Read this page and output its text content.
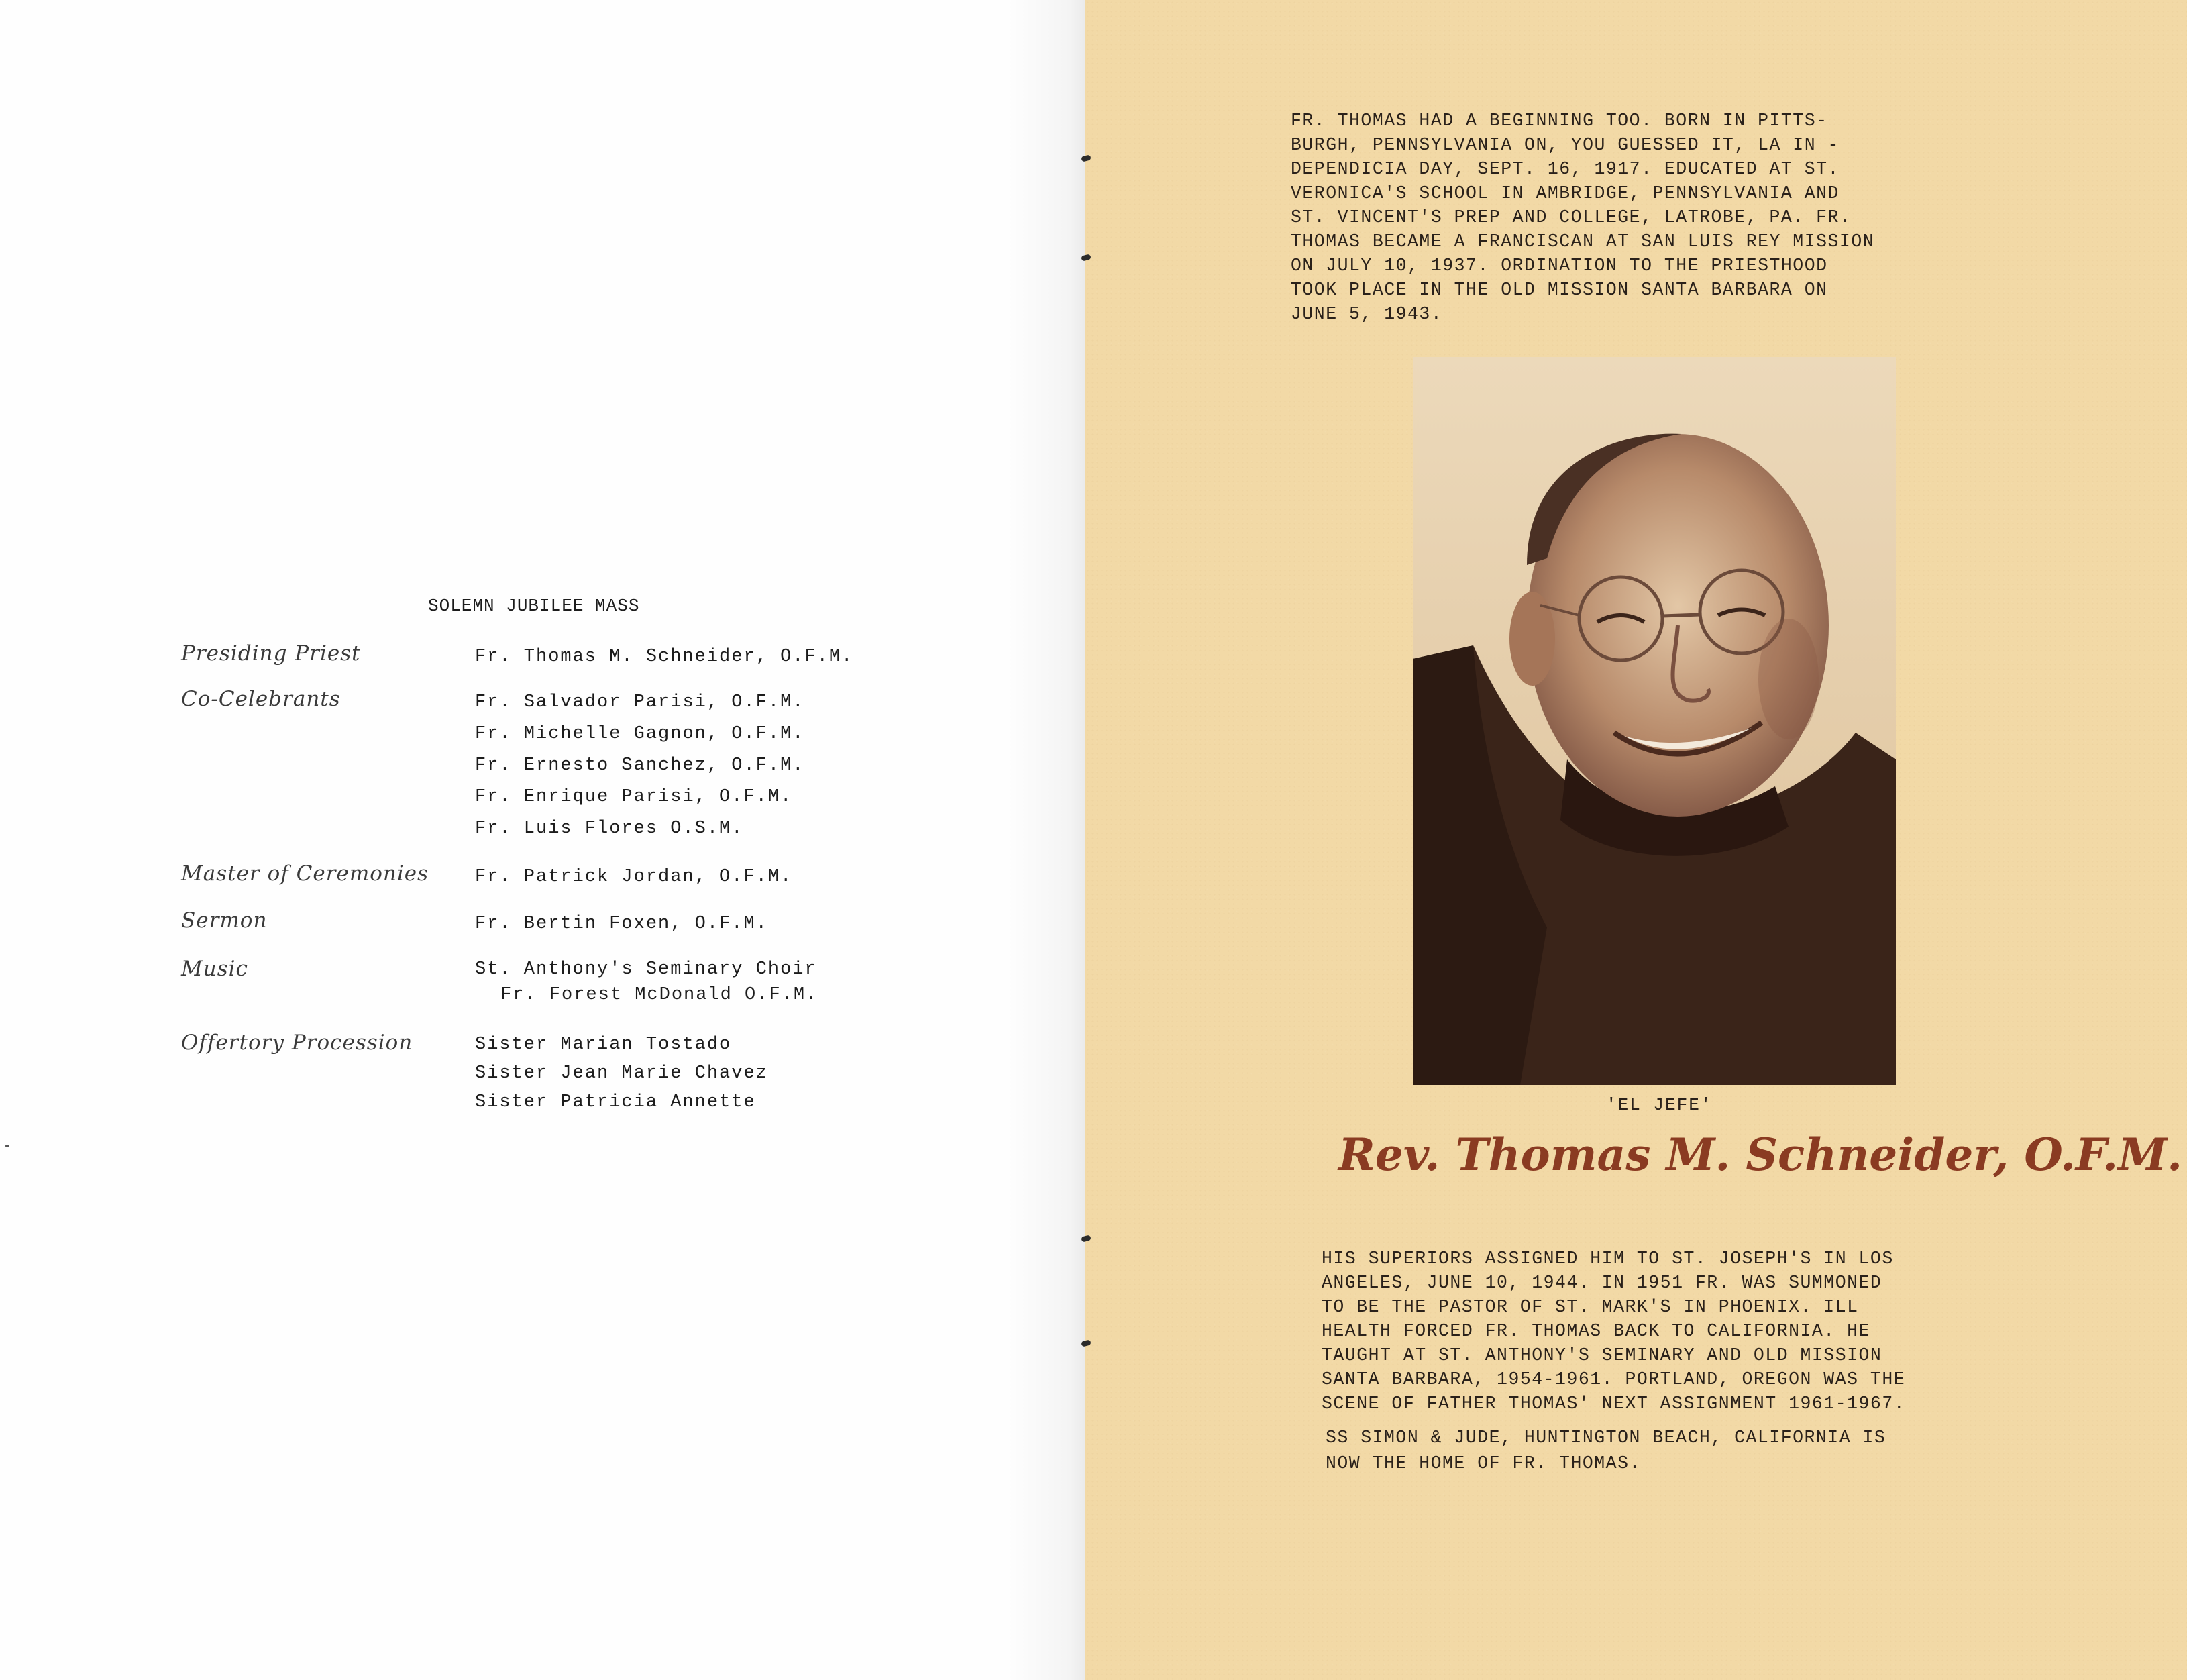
SOLEMN JUBILEE MASS
Presiding Priest	Fr. Thomas M. Schneider, O.F.M.
Co-Celebrants	Fr. Salvador Parisi, O.F.M.
Fr. Michelle Gagnon, O.F.M.
Fr. Ernesto Sanchez, O.F.M.
Fr. Enrique Parisi, O.F.M.
Fr. Luis Flores O.S.M.
Master of Ceremonies	Fr. Patrick Jordan, O.F.M.
Sermon	Fr. Bertin Foxen, O.F.M.
Music	St. Anthony's Seminary Choir
Fr. Forest McDonald O.F.M.
Offertory Procession	Sister Marian Tostado
Sister Jean Marie Chavez
Sister Patricia Annette
FR. THOMAS HAD A BEGINNING TOO. BORN IN PITTS-
BURGH, PENNSYLVANIA ON, YOU GUESSED IT, LA IN -
DEPENDICIA DAY, SEPT. 16, 1917. EDUCATED AT ST.
VERONICA'S SCHOOL IN AMBRIDGE, PENNSYLVANIA AND
ST. VINCENT'S PREP AND COLLEGE, LATROBE, PA. FR.
THOMAS BECAME A FRANCISCAN AT SAN LUIS REY MISSION
ON JULY 10, 1937. ORDINATION TO THE PRIESTHOOD
TOOK PLACE IN THE OLD MISSION SANTA BARBARA ON
JUNE 5, 1943.
'EL JEFE'
Rev. Thomas M. Schneider, O.F.M.
HIS SUPERIORS ASSIGNED HIM TO ST. JOSEPH'S IN LOS
ANGELES, JUNE 10, 1944. IN 1951 FR. WAS SUMMONED
TO BE THE PASTOR OF ST. MARK'S IN PHOENIX. ILL
HEALTH FORCED FR. THOMAS BACK TO CALIFORNIA. HE
TAUGHT AT ST. ANTHONY'S SEMINARY AND OLD MISSION
SANTA BARBARA, 1954-1961. PORTLAND, OREGON WAS THE
SCENE OF FATHER THOMAS' NEXT ASSIGNMENT 1961-1967.
SS SIMON & JUDE, HUNTINGTON BEACH, CALIFORNIA IS
NOW THE HOME OF FR. THOMAS.
